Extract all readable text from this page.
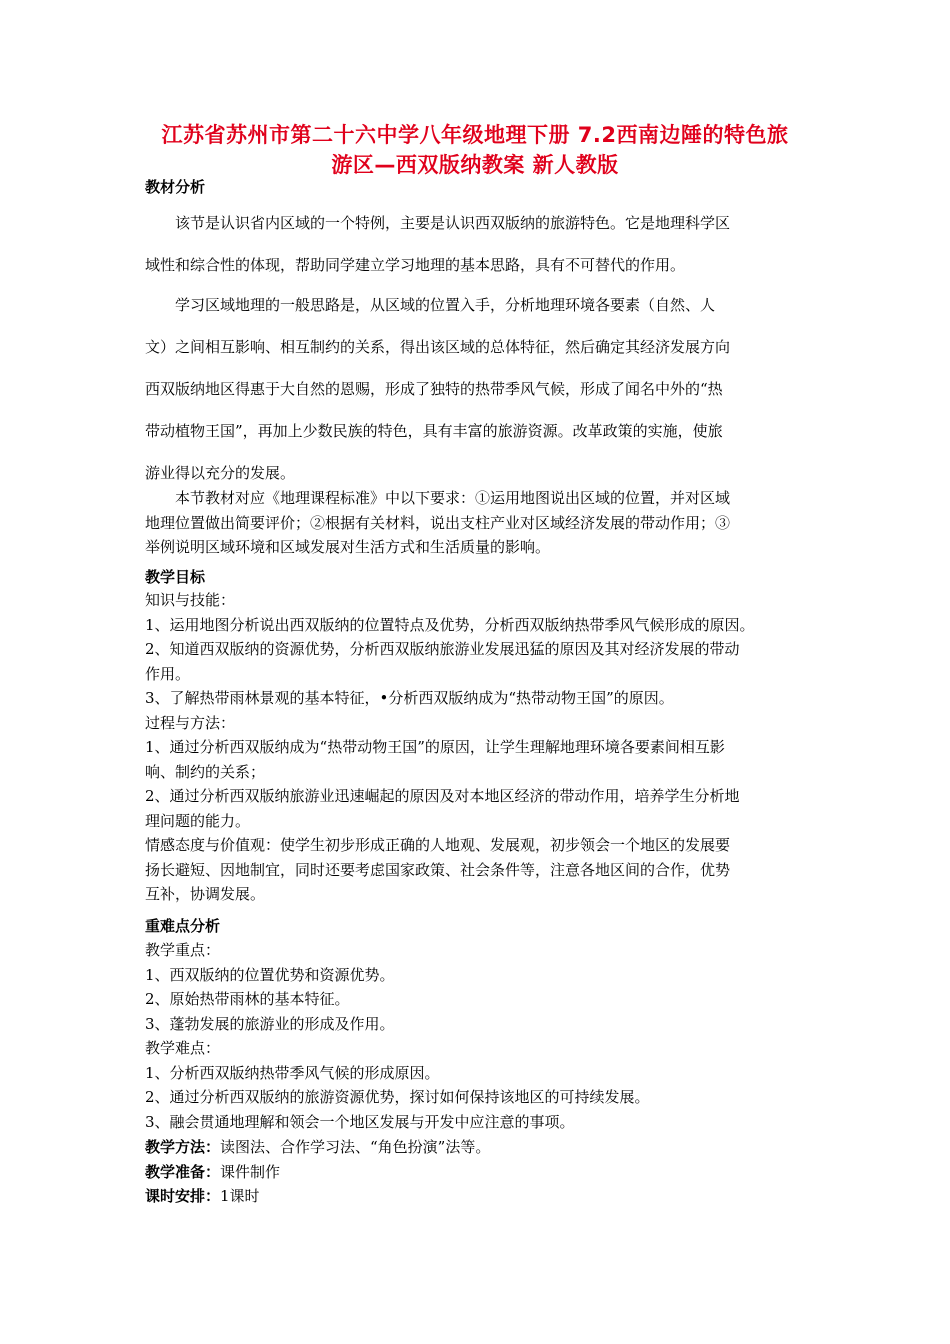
江苏省苏州市第二十六中学八年级地理下册 7.2西南边陲的特色旅
游区—西双版纳教案 新人教版
教材分析
该节是认识省内区域的一个特例，主要是认识西双版纳的旅游特色。它是地理科学区
域性和综合性的体现，帮助同学建立学习地理的基本思路，具有不可替代的作用。
学习区域地理的一般思路是，从区域的位置入手，分析地理环境各要素（自然、人
文）之间相互影响、相互制约的关系，得出该区域的总体特征，然后确定其经济发展方向
西双版纳地区得惠于大自然的恩赐，形成了独特的热带季风气候，形成了闻名中外的“热
带动植物王国”，再加上少数民族的特色，具有丰富的旅游资源。改革政策的实施，使旅
游业得以充分的发展。
本节教材对应《地理课程标准》中以下要求：①运用地图说出区域的位置，并对区域
地理位置做出简要评价；②根据有关材料，说出支柱产业对区域经济发展的带动作用；③
举例说明区域环境和区域发展对生活方式和生活质量的影响。
教学目标
知识与技能：
1、运用地图分析说出西双版纳的位置特点及优势，分析西双版纳热带季风气候形成的原因。
2、知道西双版纳的资源优势，分析西双版纳旅游业发展迅猛的原因及其对经济发展的带动
作用。
3、了解热带雨林景观的基本特征，•分析西双版纳成为“热带动物王国”的原因。
过程与方法：
1、通过分析西双版纳成为“热带动物王国”的原因，让学生理解地理环境各要素间相互影
响、制约的关系；
2、通过分析西双版纳旅游业迅速崛起的原因及对本地区经济的带动作用，培养学生分析地
理问题的能力。
情感态度与价值观：使学生初步形成正确的人地观、发展观，初步领会一个地区的发展要
扬长避短、因地制宜，同时还要考虑国家政策、社会条件等，注意各地区间的合作，优势
互补，协调发展。
重难点分析
教学重点：
1、西双版纳的位置优势和资源优势。
2、原始热带雨林的基本特征。
3、蓬勃发展的旅游业的形成及作用。
教学难点：
1、分析西双版纳热带季风气候的形成原因。
2、通过分析西双版纳的旅游资源优势，探讨如何保持该地区的可持续发展。
3、融会贯通地理解和领会一个地区发展与开发中应注意的事项。
教学方法：读图法、合作学习法、“角色扮演”法等。
教学准备：课件制作
课时安排：1课时
